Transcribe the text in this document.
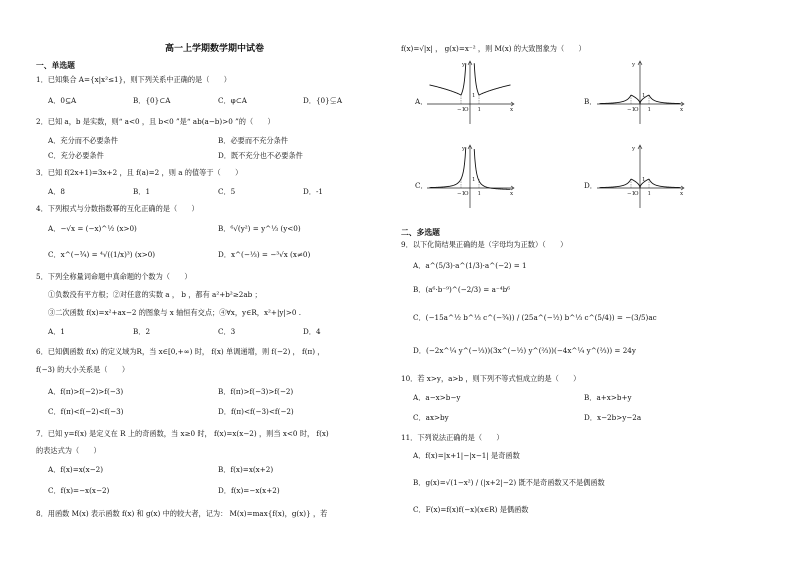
高一上学期数学期中试卷
一、单选题
1．已知集合 A={x|x²≤1}，则下列关系中正确的是（　　）
A．0⊆A	B．{0}⊂A	C．φ⊂A	D．{0}⊊A
2．已知 a，b 是实数，则“ a<0 ，且 b<0 ”是“ ab(a−b)>0 ”的（　　）
A．充分而不必要条件	B．必要而不充分条件
C．充分必要条件	D．既不充分也不必要条件
3．已知 f(2x+1)=3x+2 ，且 f(a)=2 ，则 a 的值等于（　　）
A．8	B．1	C．5	D．-1
4．下列根式与分数指数幂的互化正确的是（　　）
A．−√x = (−x)^½ (x>0)	B．⁶√(y²) = y^⅓ (y<0)
C．x^(−¾) = ⁴√((1/x)³) (x>0)	D．x^(−⅓) = −³√x (x≠0)
5．下列全称量词命题中真命题的个数为（　　）
①负数没有平方根；②对任意的实数 a ， b ，都有 a²+b²≥2ab ；
③二次函数 f(x)=x²+ax−2 的图象与 x 轴恒有交点；④∀x，y∈R，x²+|y|>0 .
A．1	B．2	C．3	D．4
6．已知偶函数 f(x) 的定义域为R，当 x∈[0,+∞) 时， f(x) 单调递增，则 f(−2) ， f(π) ，
f(−3) 的大小关系是（　　）
A．f(π)>f(−2)>f(−3)	B．f(π)>f(−3)>f(−2)
C．f(π)<f(−2)<f(−3)	D．f(π)<f(−3)<f(−2)
7．已知 y=f(x) 是定义在 R 上的奇函数，当 x≥0 时， f(x)=x(x−2) ，则当 x<0 时， f(x)
的表达式为（　　）
A．f(x)=x(x−2)	B．f(x)=x(x+2)
C．f(x)=−x(x−2)	D．f(x)=−x(x+2)
8．用函数 M(x) 表示函数 f(x) 和 g(x) 中的较大者，记为： M(x)=max{f(x)，g(x)} ，若
f(x)=√|x| ， g(x)=x⁻² ，则 M(x) 的大致图象为（　　）
A．	B．
C．	D．
y
x
O 1
−1
1
y
x
O 1
−1
1
y
x
O 1
−1
1
y
x
O 1
−1
1
二、多选题
9．以下化简结果正确的是（字母均为正数）（　　）
A．a^(5/3)·a^(1/3)·a^(−2) = 1
B．(a⁶·b⁻⁹)^(−2/3) = a⁻⁴b⁶
C．(−15a^½ b^⅓ c^(−¾)) / (25a^(−½) b^⅓ c^(5/4)) = −(3/5)ac
D．(−2x^¼ y^(−⅓))(3x^(−½) y^(⅔))(−4x^¼ y^(⅔)) = 24y
10．若 x>y，a>b ，则下列不等式恒成立的是（　　）
A．a−x>b−y	B．a+x>b+y
C．ax>by	D．x−2b>y−2a
11．下列说法正确的是（　　）
A．f(x)=|x+1|−|x−1| 是奇函数
B．g(x)=√(1−x²) / (|x+2|−2) 既不是奇函数又不是偶函数
C．F(x)=f(x)f(−x)(x∈R) 是偶函数
